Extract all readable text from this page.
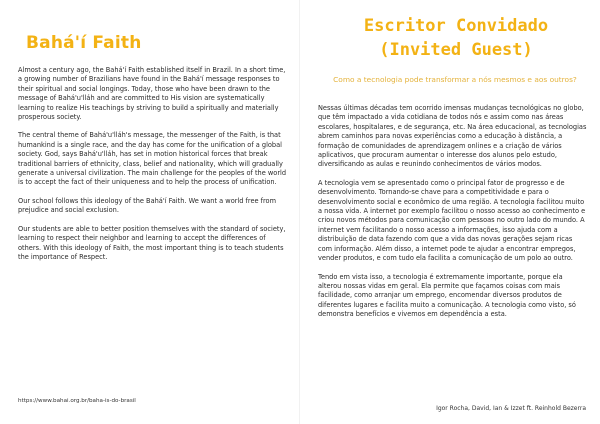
Bahá'í Faith

Almost a century ago, the Bahá'í Faith established itself in Brazil. In a short time, a growing number of Brazilians have found in the Bahá'í message responses to their spiritual and social longings. Today, those who have been drawn to the message of Bahá'u'lláh and are committed to His vision are systematically learning to realize His teachings by striving to build a spiritually and materially prosperous society.

The central theme of Bahá'u'lláh's message, the messenger of the Faith, is that humankind is a single race, and the day has come for the unification of a global society. God, says Bahá'u'lláh, has set in motion historical forces that break traditional barriers of ethnicity, class, belief and nationality, which will gradually generate a universal civilization. The main challenge for the peoples of the world is to accept the fact of their uniqueness and to help the process of unification.

Our school follows this ideology of the Bahá'í Faith. We want a world free from prejudice and social exclusion.

Our students are able to better position themselves with the standard of society, learning to respect their neighbor and learning to accept the differences of others. With this ideology of Faith, the most important thing is to teach students the importance of Respect.

https://www.bahai.org.br/baha-is-do-brasil
Escritor Convidado
(Invited Guest)
Como a tecnologia pode transformar a nós mesmos e aos outros?

Nessas últimas décadas tem ocorrido imensas mudanças tecnológicas no globo, que têm impactado a vida cotidiana de todos nós e assim como nas áreas escolares, hospitalares, e de segurança, etc. Na área educacional, as tecnologias abrem caminhos para novas experiências como a educação à distância, a formação de comunidades de aprendizagem onlines e a criação de vários aplicativos, que procuram aumentar o interesse dos alunos pelo estudo, diversificando as aulas e reunindo conhecimentos de vários modos.

A tecnologia vem se apresentado como o principal fator de progresso e de desenvolvimento. Tornando-se chave para a competitividade e para o desenvolvimento social e econômico de uma região. A tecnologia facilitou muito a nossa vida. A internet por exemplo facilitou o nosso acesso ao conhecimento e criou novos métodos para comunicação com pessoas no outro lado do mundo. A internet vem facilitando o nosso acesso a informações, isso ajuda com a distribuição de data fazendo com que a vida das novas gerações sejam ricas com informação. Além disso, a internet pode te ajudar a encontrar empregos, vender produtos, e com tudo ela facilita a comunicação de um polo ao outro.

Tendo em vista isso, a tecnologia é extremamente importante, porque ela alterou nossas vidas em geral. Ela permite que façamos coisas com mais facilidade, como arranjar um emprego, encomendar diversos produtos de diferentes lugares e facilita muito a comunicação. A tecnologia como visto, só demonstra benefícios e vivemos em dependência a esta.

Igor Rocha, David, Ian & Izzet ft. Reinhold Bezerra
